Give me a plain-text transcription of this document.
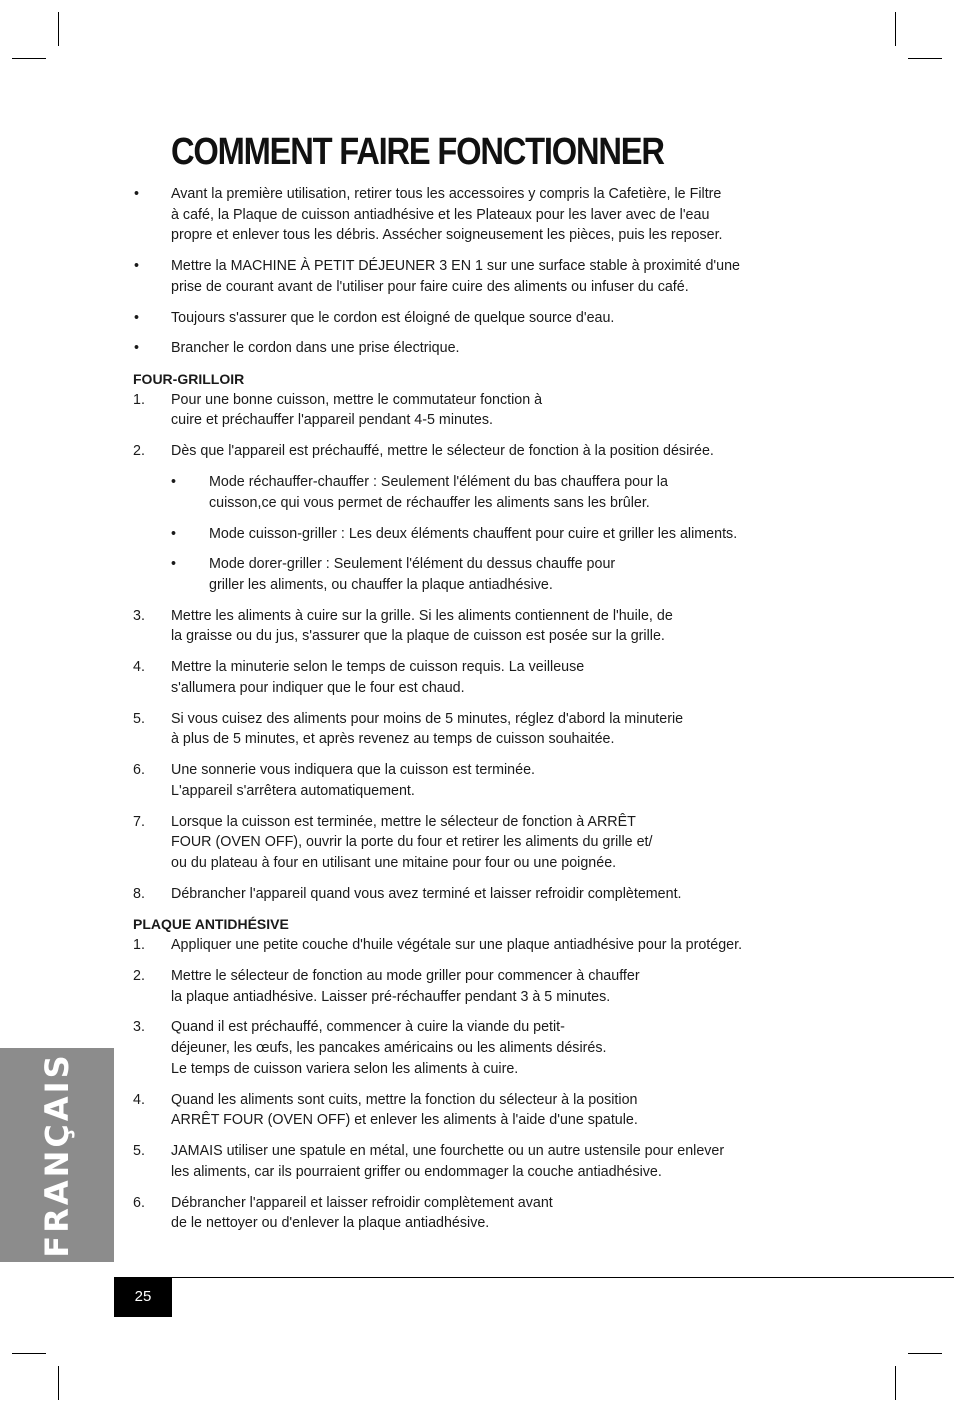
COMMENT FAIRE FONCTIONNER
• Avant la première utilisation, retirer tous les accessoires y compris la Cafetière, le Filtre
à café, la Plaque de cuisson antiadhésive et les Plateaux pour les laver avec de l'eau
propre et enlever tous les débris. Assécher soigneusement les pièces, puis les reposer.
• Mettre la MACHINE À PETIT DÉJEUNER 3 EN 1 sur une surface stable à proximité d'une
prise de courant avant de l'utiliser pour faire cuire des aliments ou infuser du café.
• Toujours s'assurer que le cordon est éloigné de quelque source d'eau.
• Brancher le cordon dans une prise électrique.

FOUR-GRILLOIR

1. Pour une bonne cuisson, mettre le commutateur fonction à
cuire et préchauffer l'appareil pendant 4-5 minutes.
2. Dès que l'appareil est préchauffé, mettre le sélecteur de fonction à la position désirée.
• Mode réchauffer-chauffer : Seulement l'élément du bas chauffera pour la
cuisson,ce qui vous permet de réchauffer les aliments sans les brûler.
• Mode cuisson-griller : Les deux éléments chauffent pour cuire et griller les aliments.
• Mode dorer-griller : Seulement l'élément du dessus chauffe pour
griller les aliments, ou chauffer la plaque antiadhésive.
3. Mettre les aliments à cuire sur la grille. Si les aliments contiennent de l'huile, de
la graisse ou du jus, s'assurer que la plaque de cuisson est posée sur la grille.
4. Mettre la minuterie selon le temps de cuisson requis. La veilleuse
s'allumera pour indiquer que le four est chaud.
5. Si vous cuisez des aliments pour moins de 5 minutes, réglez d'abord la minuterie
à plus de 5 minutes, et après revenez au temps de cuisson souhaitée.
6. Une sonnerie vous indiquera que la cuisson est terminée.
L'appareil s'arrêtera automatiquement.
7. Lorsque la cuisson est terminée, mettre le sélecteur de fonction à ARRÊT
FOUR (OVEN OFF), ouvrir la porte du four et retirer les aliments du grille et/
ou du plateau à four en utilisant une mitaine pour four ou une poignée.
8. Débrancher l'appareil quand vous avez terminé et laisser refroidir complètement.

PLAQUE ANTIDHÉSIVE

1. Appliquer une petite couche d'huile végétale sur une plaque antiadhésive pour la protéger.
2. Mettre le sélecteur de fonction au mode griller pour commencer à chauffer
la plaque antiadhésive. Laisser pré-réchauffer pendant 3 à 5 minutes.
3. Quand il est préchauffé, commencer à cuire la viande du petit-
déjeuner, les œufs, les pancakes américains ou les aliments désirés.
Le temps de cuisson variera selon les aliments à cuire.
4. Quand les aliments sont cuits, mettre la fonction du sélecteur à la position
ARRÊT FOUR (OVEN OFF) et enlever les aliments à l'aide d'une spatule.
5. JAMAIS utiliser une spatule en métal, une fourchette ou un autre ustensile pour enlever
les aliments, car ils pourraient griffer ou endommager la couche antiadhésive.
6. Débrancher l'appareil et laisser refroidir complètement avant
de le nettoyer ou d'enlever la plaque antiadhésive.
FRANÇAIS
25
